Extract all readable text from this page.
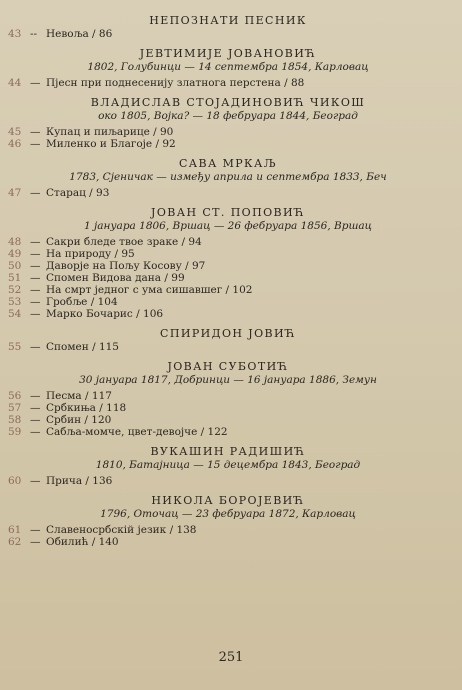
НЕПОЗНАТИ ПЕСНИК
43 -- Невоља / 86
ЈЕВТИМИЈЕ ЈОВАНОВИЋ
1802, Голубинци — 14 септембра 1854, Карловац
44 — Пјесн при поднесенију златнога перстена / 88
ВЛАДИСЛАВ СТОЈАДИНОВИЋ ЧИКОШ
око 1805, Војка? — 18 фебруара 1844, Београд
45 — Купац и пиљарице / 90
46 — Миленко и Благоје / 92
САВА МРКАЉ
1783, Сјеничак — између априла и септембра 1833, Беч
47 — Старац / 93
ЈОВАН СТ. ПОПОВИЋ
1 јануара 1806, Вршац — 26 фебруара 1856, Вршац
48 — Сакри бледе твое зраке / 94
49 — На природу / 95
50 — Даворје на Пољу Косову / 97
51 — Спомен Видова дана / 99
52 — На смрт једног с ума сишавшег / 102
53 — Гробље / 104
54 — Марко Бочарис / 106
СПИРИДОН ЈОВИЋ
55 — Спомен / 115
ЈОВАН СУБОТИЋ
30 јануара 1817, Добринци — 16 јануара 1886, Земун
56 — Песма / 117
57 — Србкиња / 118
58 — Србин / 120
59 — Сабља-момче, цвет-девојче / 122
ВУКАШИН РАДИШИЋ
1810, Батајница — 15 децембра 1843, Београд
60 — Прича / 136
НИКОЛА БОРОЈЕВИЋ
1796, Оточац — 23 фебруара 1872, Карловац
61 — Славеносрбскій језик / 138
62 — Обилић / 140
251
